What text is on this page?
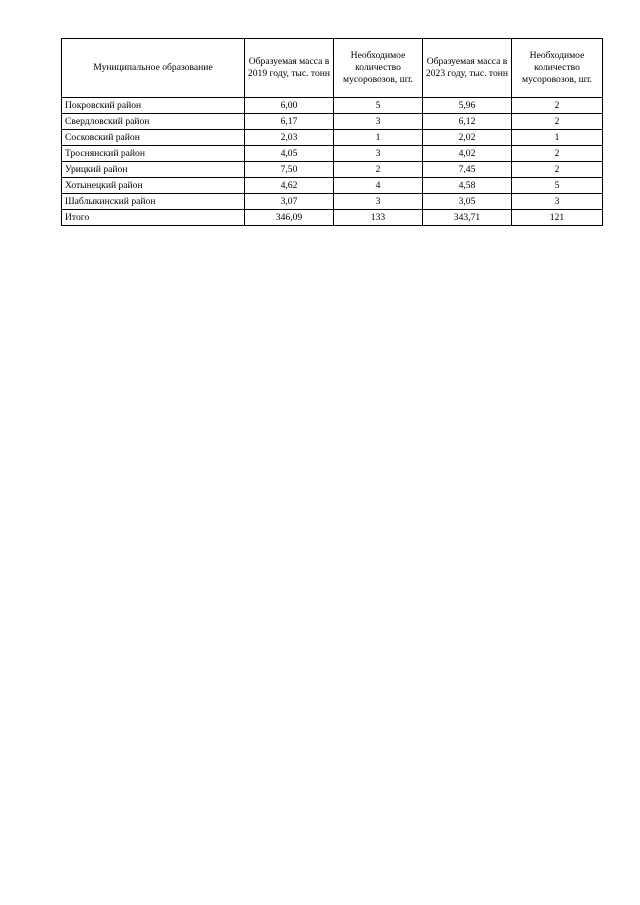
Муниципальное образование	Образуемая масса в 2019 году, тыс. тонн	Необходимое количество мусоровозов, шт.	Образуемая масса в 2023 году, тыс. тонн	Необходимое количество мусоровозов, шт.
Покровский район	6,00	5	5,96	2
Свердловский район	6,17	3	6,12	2
Сосковский район	2,03	1	2,02	1
Троснянский район	4,05	3	4,02	2
Урицкий район	7,50	2	7,45	2
Хотынецкий район	4,62	4	4,58	5
Шаблыкинский район	3,07	3	3,05	3
Итого	346,09	133	343,71	121
